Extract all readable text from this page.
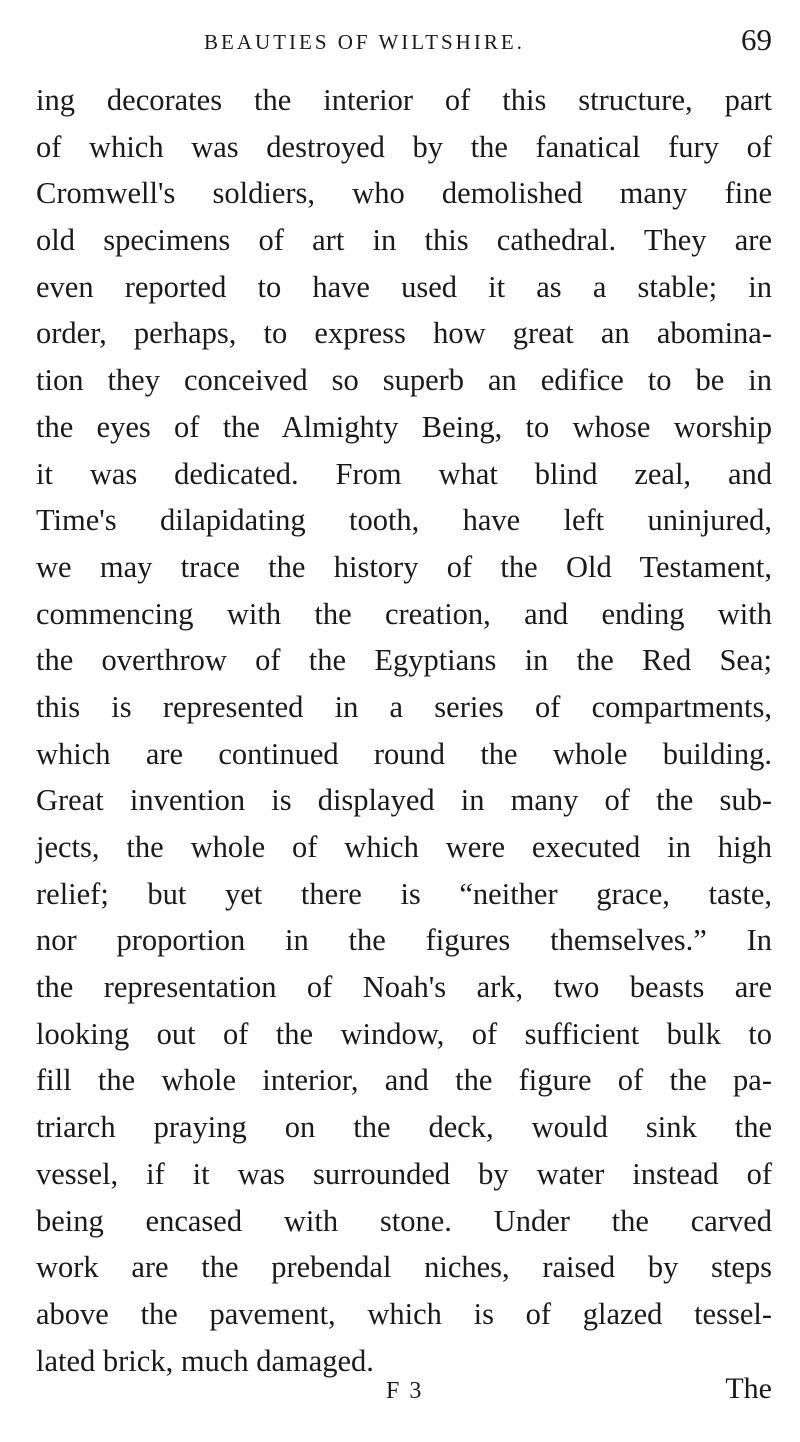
BEAUTIES OF WILTSHIRE.	69
ing decorates the interior of this structure, part
of which was destroyed by the fanatical fury of
Cromwell's soldiers, who demolished many fine
old specimens of art in this cathedral. They are
even reported to have used it as a stable; in
order, perhaps, to express how great an abomina-
tion they conceived so superb an edifice to be in
the eyes of the Almighty Being, to whose worship
it was dedicated. From what blind zeal, and
Time's dilapidating tooth, have left uninjured,
we may trace the history of the Old Testament,
commencing with the creation, and ending with
the overthrow of the Egyptians in the Red Sea;
this is represented in a series of compartments,
which are continued round the whole building.
Great invention is displayed in many of the sub-
jects, the whole of which were executed in high
relief; but yet there is “neither grace, taste,
nor proportion in the figures themselves.” In
the representation of Noah's ark, two beasts are
looking out of the window, of sufficient bulk to
fill the whole interior, and the figure of the pa-
triarch praying on the deck, would sink the
vessel, if it was surrounded by water instead of
being encased with stone. Under the carved
work are the prebendal niches, raised by steps
above the pavement, which is of glazed tessel-
lated brick, much damaged.
F 3	The
